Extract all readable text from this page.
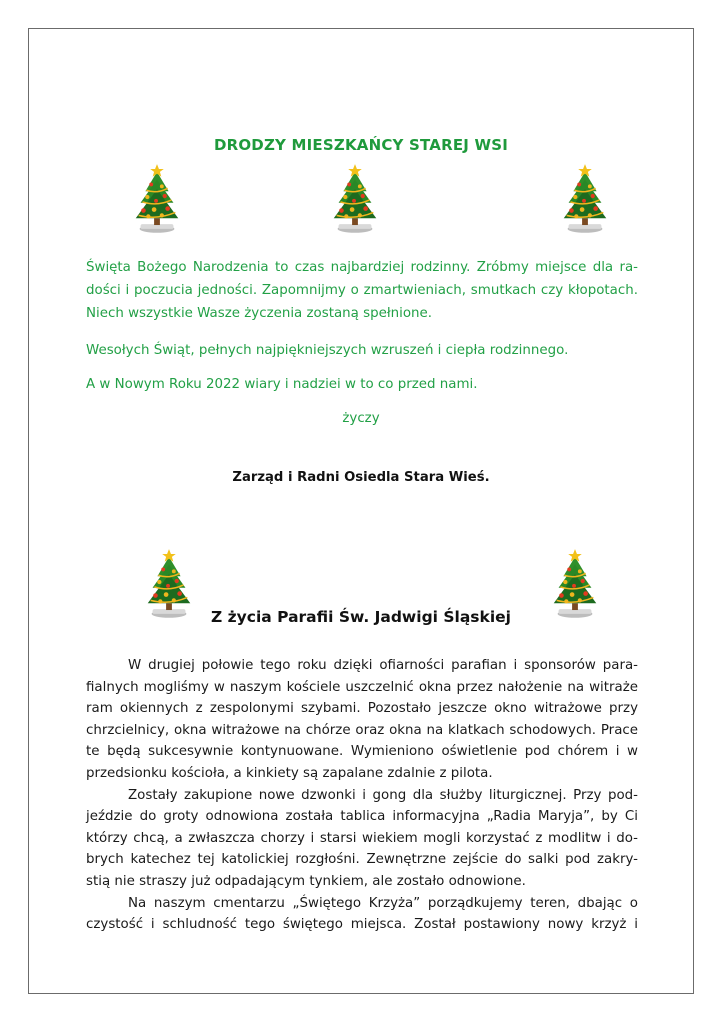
DRODZY MIESZKAŃCY STAREJ WSI
Święta Bożego Narodzenia to czas najbardziej rodzinny. Zróbmy miejsce dla ra-
dości i poczucia jedności. Zapomnijmy o zmartwieniach, smutkach czy kłopotach.
Niech wszystkie Wasze życzenia zostaną spełnione.

Wesołych Świąt, pełnych najpiękniejszych wzruszeń i ciepła rodzinnego.

A w Nowym Roku 2022 wiary i nadziei w to co przed nami.

życzy
Zarząd i Radni Osiedla Stara Wieś.
Z życia Parafii Św. Jadwigi Śląskiej
W drugiej połowie tego roku dzięki ofiarności parafian i sponsorów para-
fialnych mogliśmy w naszym kościele uszczelnić okna przez nałożenie na witraże
ram okiennych z zespolonymi szybami. Pozostało jeszcze okno witrażowe przy
chrzcielnicy, okna witrażowe na chórze oraz okna na klatkach schodowych. Prace
te będą sukcesywnie kontynuowane. Wymieniono oświetlenie pod chórem i w
przedsionku kościoła, a kinkiety są zapalane zdalnie z pilota.
Zostały zakupione nowe dzwonki i gong dla służby liturgicznej. Przy pod-
jeździe do groty odnowiona została tablica informacyjna „Radia Maryja”, by Ci
którzy chcą, a zwłaszcza chorzy i starsi wiekiem mogli korzystać z modlitw i do-
brych katechez tej katolickiej rozgłośni. Zewnętrzne zejście do salki pod zakry-
stią nie straszy już odpadającym tynkiem, ale zostało odnowione.
Na naszym cmentarzu „Świętego Krzyża” porządkujemy teren, dbając o
czystość i schludność tego świętego miejsca. Został postawiony nowy krzyż i
